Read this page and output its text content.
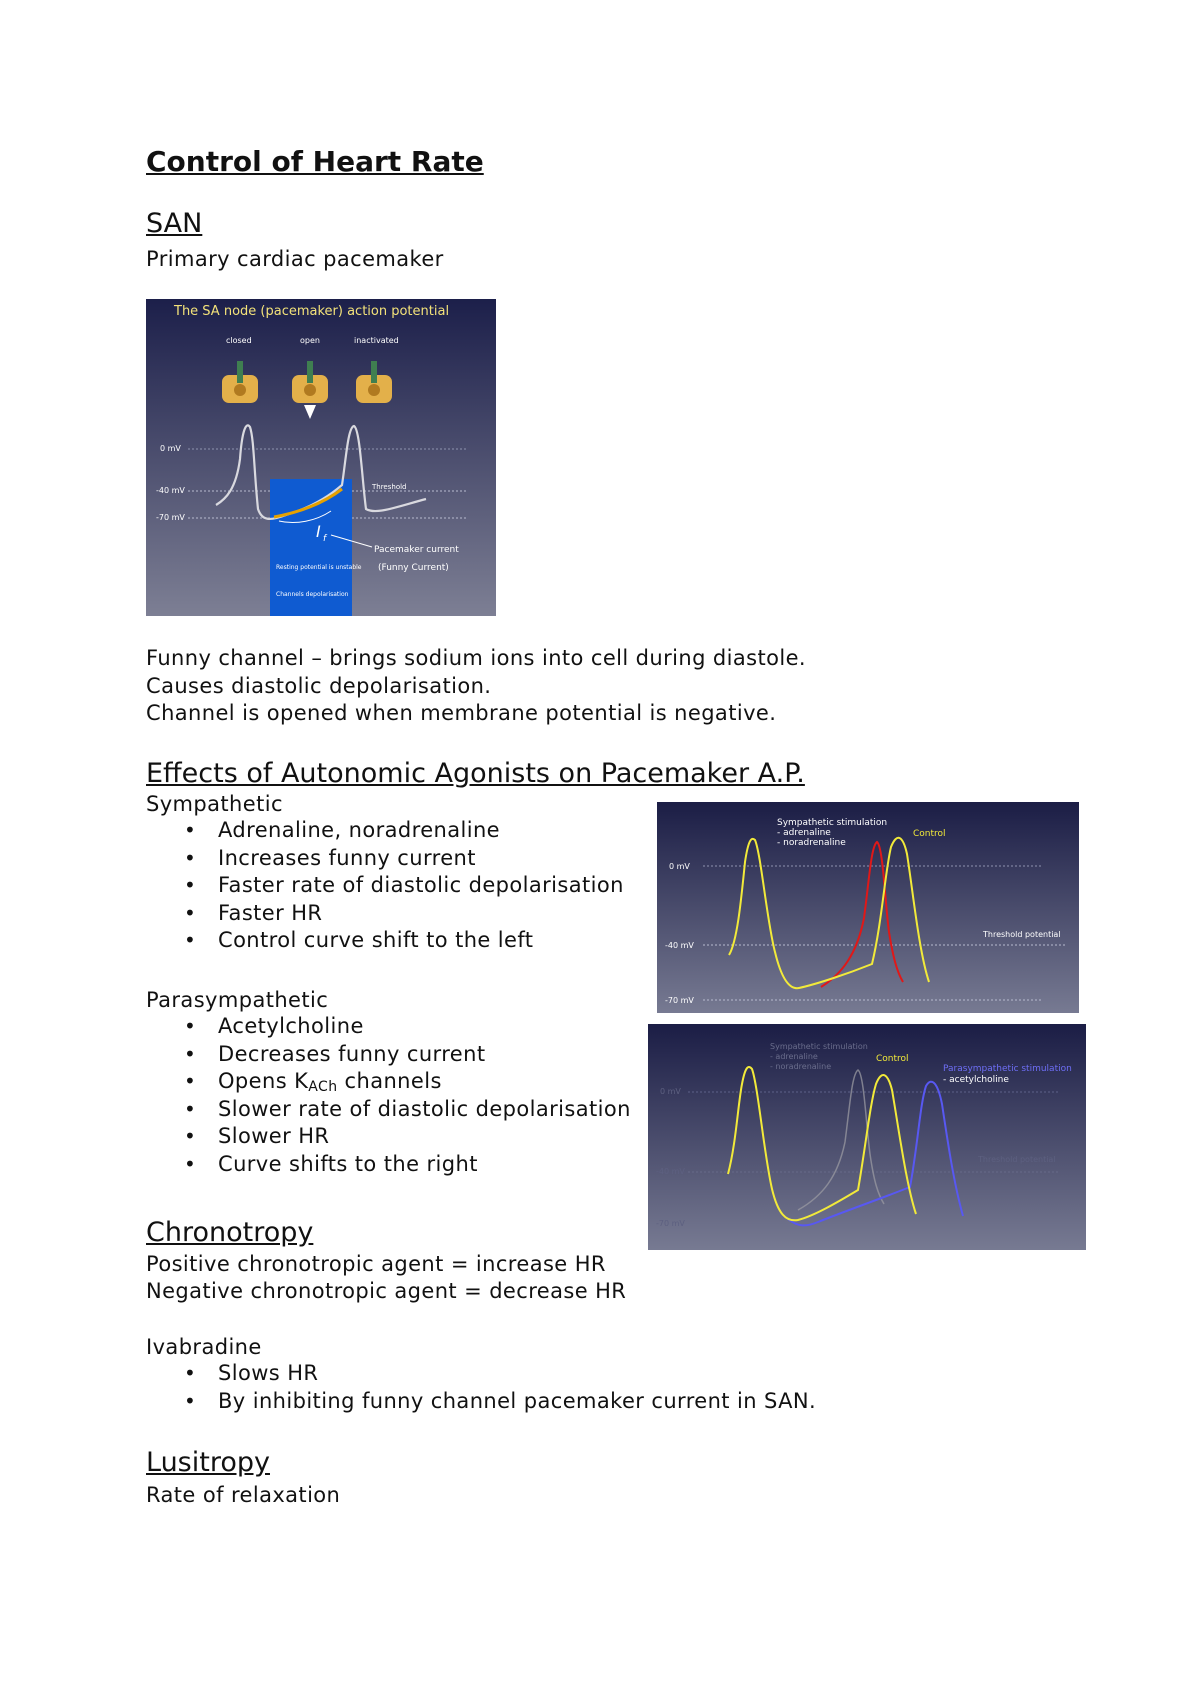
Control of Heart Rate
SAN
Primary cardiac pacemaker
The SA node (pacemaker) action potential
closed	open	inactivated
0 mV
-40 mV
-70 mV
Resting potential is unstable
Channels depolarisation
Threshold
I f
Pacemaker current
(Funny Current)
Funny channel – brings sodium ions into cell during diastole.
Causes diastolic depolarisation.
Channel is opened when membrane potential is negative.
Effects of Autonomic Agonists on Pacemaker A.P.
Sympathetic
• Adrenaline, noradrenaline
• Increases funny current
• Faster rate of diastolic depolarisation
• Faster HR
• Control curve shift to the left
Parasympathetic
• Acetylcholine
• Decreases funny current
• Opens $K_{ACh}$ channels
• Slower rate of diastolic depolarisation
• Slower HR
• Curve shifts to the right
Sympathetic stimulation
- adrenaline
- noradrenaline
Control
0 mV
-40 mV
-70 mV
Threshold potential
Sympathetic stimulation
- adrenaline
- noradrenaline
Control
Parasympathetic stimulation
- acetylcholine
0 mV
-40 mV
-70 mV
Threshold potential
Chronotropy
Positive chronotropic agent = increase HR
Negative chronotropic agent = decrease HR
Ivabradine
• Slows HR
• By inhibiting funny channel pacemaker current in SAN.
Lusitropy
Rate of relaxation
